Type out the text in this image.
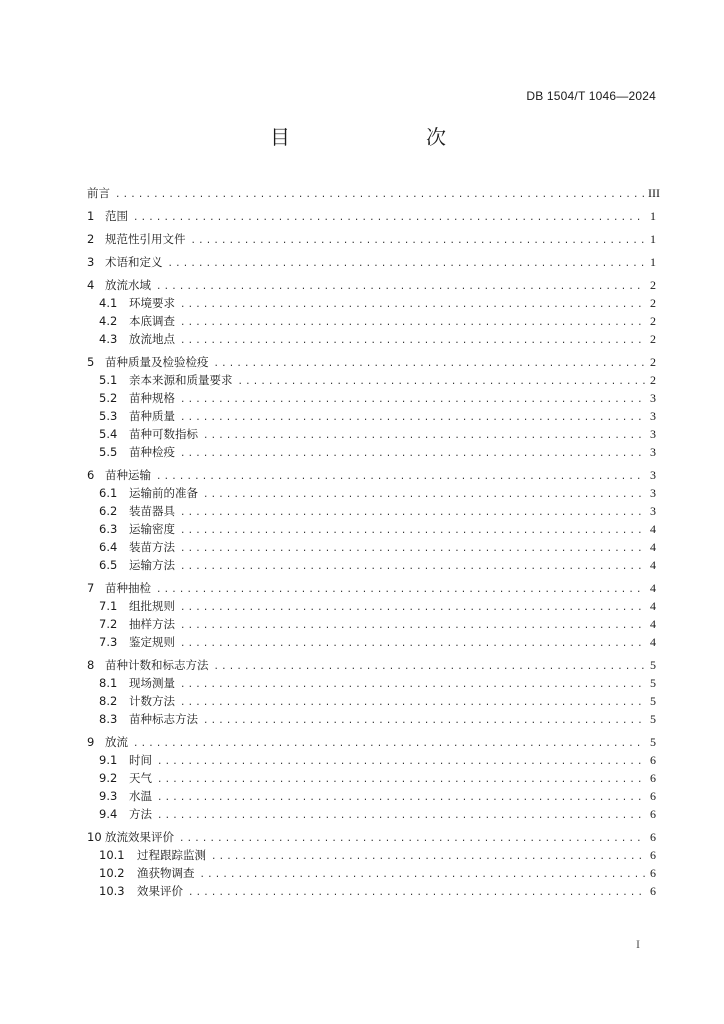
DB 1504/T 1046—2024
目　　次
前言 .....	III
1 范围 .....	1
2 规范性引用文件 .....	1
3 术语和定义 .....	1
4 放流水域 .....	2
4.1	环境要求 .....	2
4.2	本底调查 .....	2
4.3	放流地点 .....	2
5 苗种质量及检验检疫 .....	2
5.1	亲本来源和质量要求 .....	2
5.2	苗种规格 .....	3
5.3	苗种质量 .....	3
5.4	苗种可数指标 .....	3
5.5	苗种检疫 .....	3
6 苗种运输 .....	3
6.1	运输前的准备 .....	3
6.2	装苗器具 .....	3
6.3	运输密度 .....	4
6.4	装苗方法 .....	4
6.5	运输方法 .....	4
7 苗种抽检 .....	4
7.1	组批规则 .....	4
7.2	抽样方法 .....	4
7.3	鉴定规则 .....	4
8 苗种计数和标志方法 .....	5
8.1	现场测量 .....	5
8.2	计数方法 .....	5
8.3	苗种标志方法 .....	5
9 放流 .....	5
9.1	时间 .....	6
9.2	天气 .....	6
9.3	水温 .....	6
9.4	方法 .....	6
10 放流效果评价 .....	6
10.1	过程跟踪监测 .....	6
10.2	渔获物调查 .....	6
10.3	效果评价 .....	6
I
